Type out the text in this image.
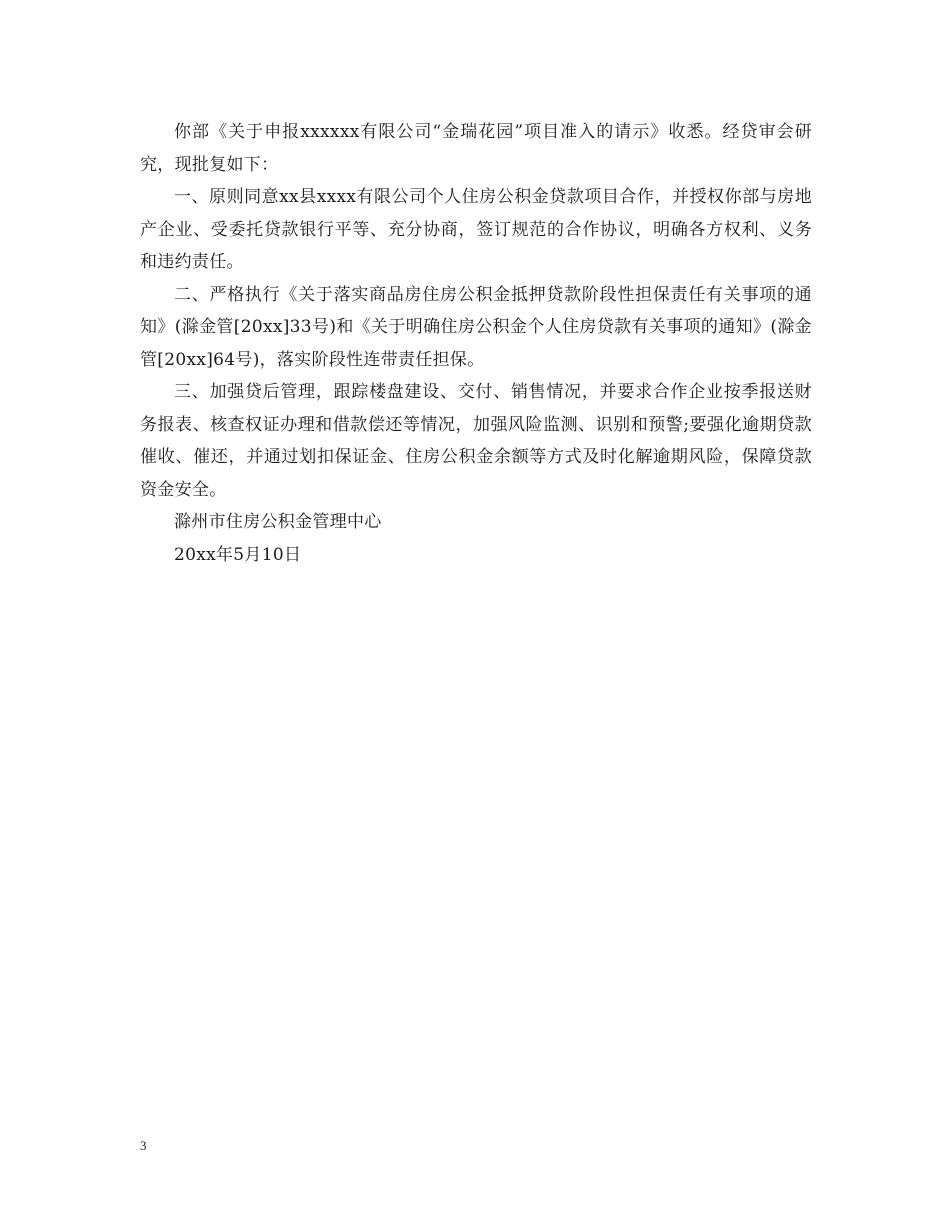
你部《关于申报xxxxxx有限公司“金瑞花园”项目准入的请示》收悉。经贷审会研究，现批复如下：

一、原则同意xx县xxxx有限公司个人住房公积金贷款项目合作，并授权你部与房地产企业、受委托贷款银行平等、充分协商，签订规范的合作协议，明确各方权利、义务和违约责任。

二、严格执行《关于落实商品房住房公积金抵押贷款阶段性担保责任有关事项的通知》(滁金管[20xx]33号)和《关于明确住房公积金个人住房贷款有关事项的通知》(滁金管[20xx]64号)，落实阶段性连带责任担保。

三、加强贷后管理，跟踪楼盘建设、交付、销售情况，并要求合作企业按季报送财务报表、核查权证办理和借款偿还等情况，加强风险监测、识别和预警;要强化逾期贷款催收、催还，并通过划扣保证金、住房公积金余额等方式及时化解逾期风险，保障贷款资金安全。

滁州市住房公积金管理中心

20xx年5月10日

3
